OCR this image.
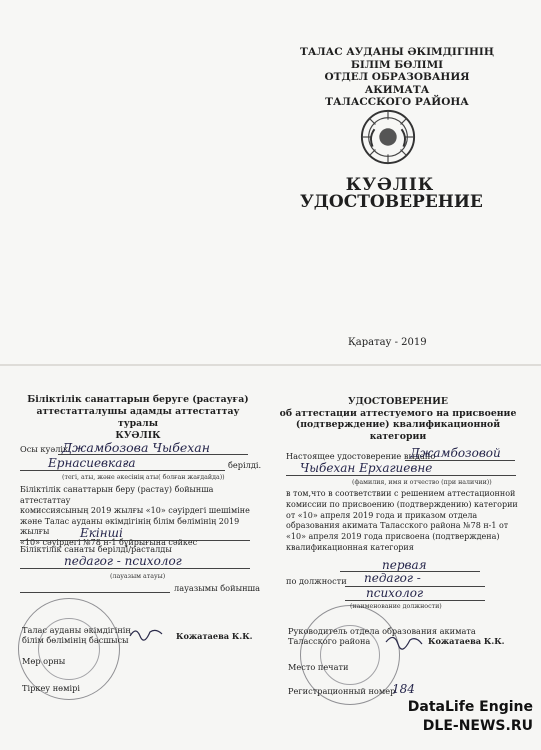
ТАЛАС АУДАНЫ ӘКІМДІГІНІҢ
БІЛІМ БӨЛІМІ
ОТДЕЛ ОБРАЗОВАНИЯ АКИМАТА
ТАЛАССКОГО РАЙОНА
КУӘЛІК
УДОСТОВЕРЕНИЕ
Қаратау - 2019
Біліктілік санаттарын беруге (растауға)
аттестатталушы адамды аттестаттау туралы
КУӘЛІК
Осы куәлік
Джамбозова Чыбехан
Ернасиевкаға	берілді.
(тегі, аты, және әкесінің аты( болған жағдайда))
Біліктілік санаттарын беру (растау) бойынша аттестаттау
комиссиясының 2019 жылғы «10» сәуірдегі шешіміне
және Талас ауданы әкімдігінің білім бөлімінің 2019 жылғы
«10» сәуірдегі №78 н-1 бұйрығына сәйкес
Екінші
Біліктілік санаты берілді/расталды
педагог - психолог
(лауазым атауы)
лауазымы бойынша
Талас ауданы әкімдігінің
білім бөлімінің басшысы	Кожатаева К.К.
Мөр орны
Тіркеу нөмірі
УДОСТОВЕРЕНИЕ
об аттестации аттестуемого на присвоение
(подтверждение) квалификационной
категории
Настоящее удостоверение выдано
Джамбозовой
Чыбехан Ерхагиевне
(фамилия, имя и отчество (при наличии))
в том,что в соответствии с решением аттестационной
комиссии по присвоению (подтверждению) категории
от «10» апреля 2019 года и приказом отдела
образования акимата Таласского района №78 н-1 от
«10» апреля 2019 года присвоена (подтверждена)
квалификационная категория
первая
по должности педагог -
психолог
(наименование должности)
Руководитель отдела образования акимата
Таласского района	Кожатаева К.К.
Место печати
Регистрационный номер
184
DataLife Engine
DLE-NEWS.RU
